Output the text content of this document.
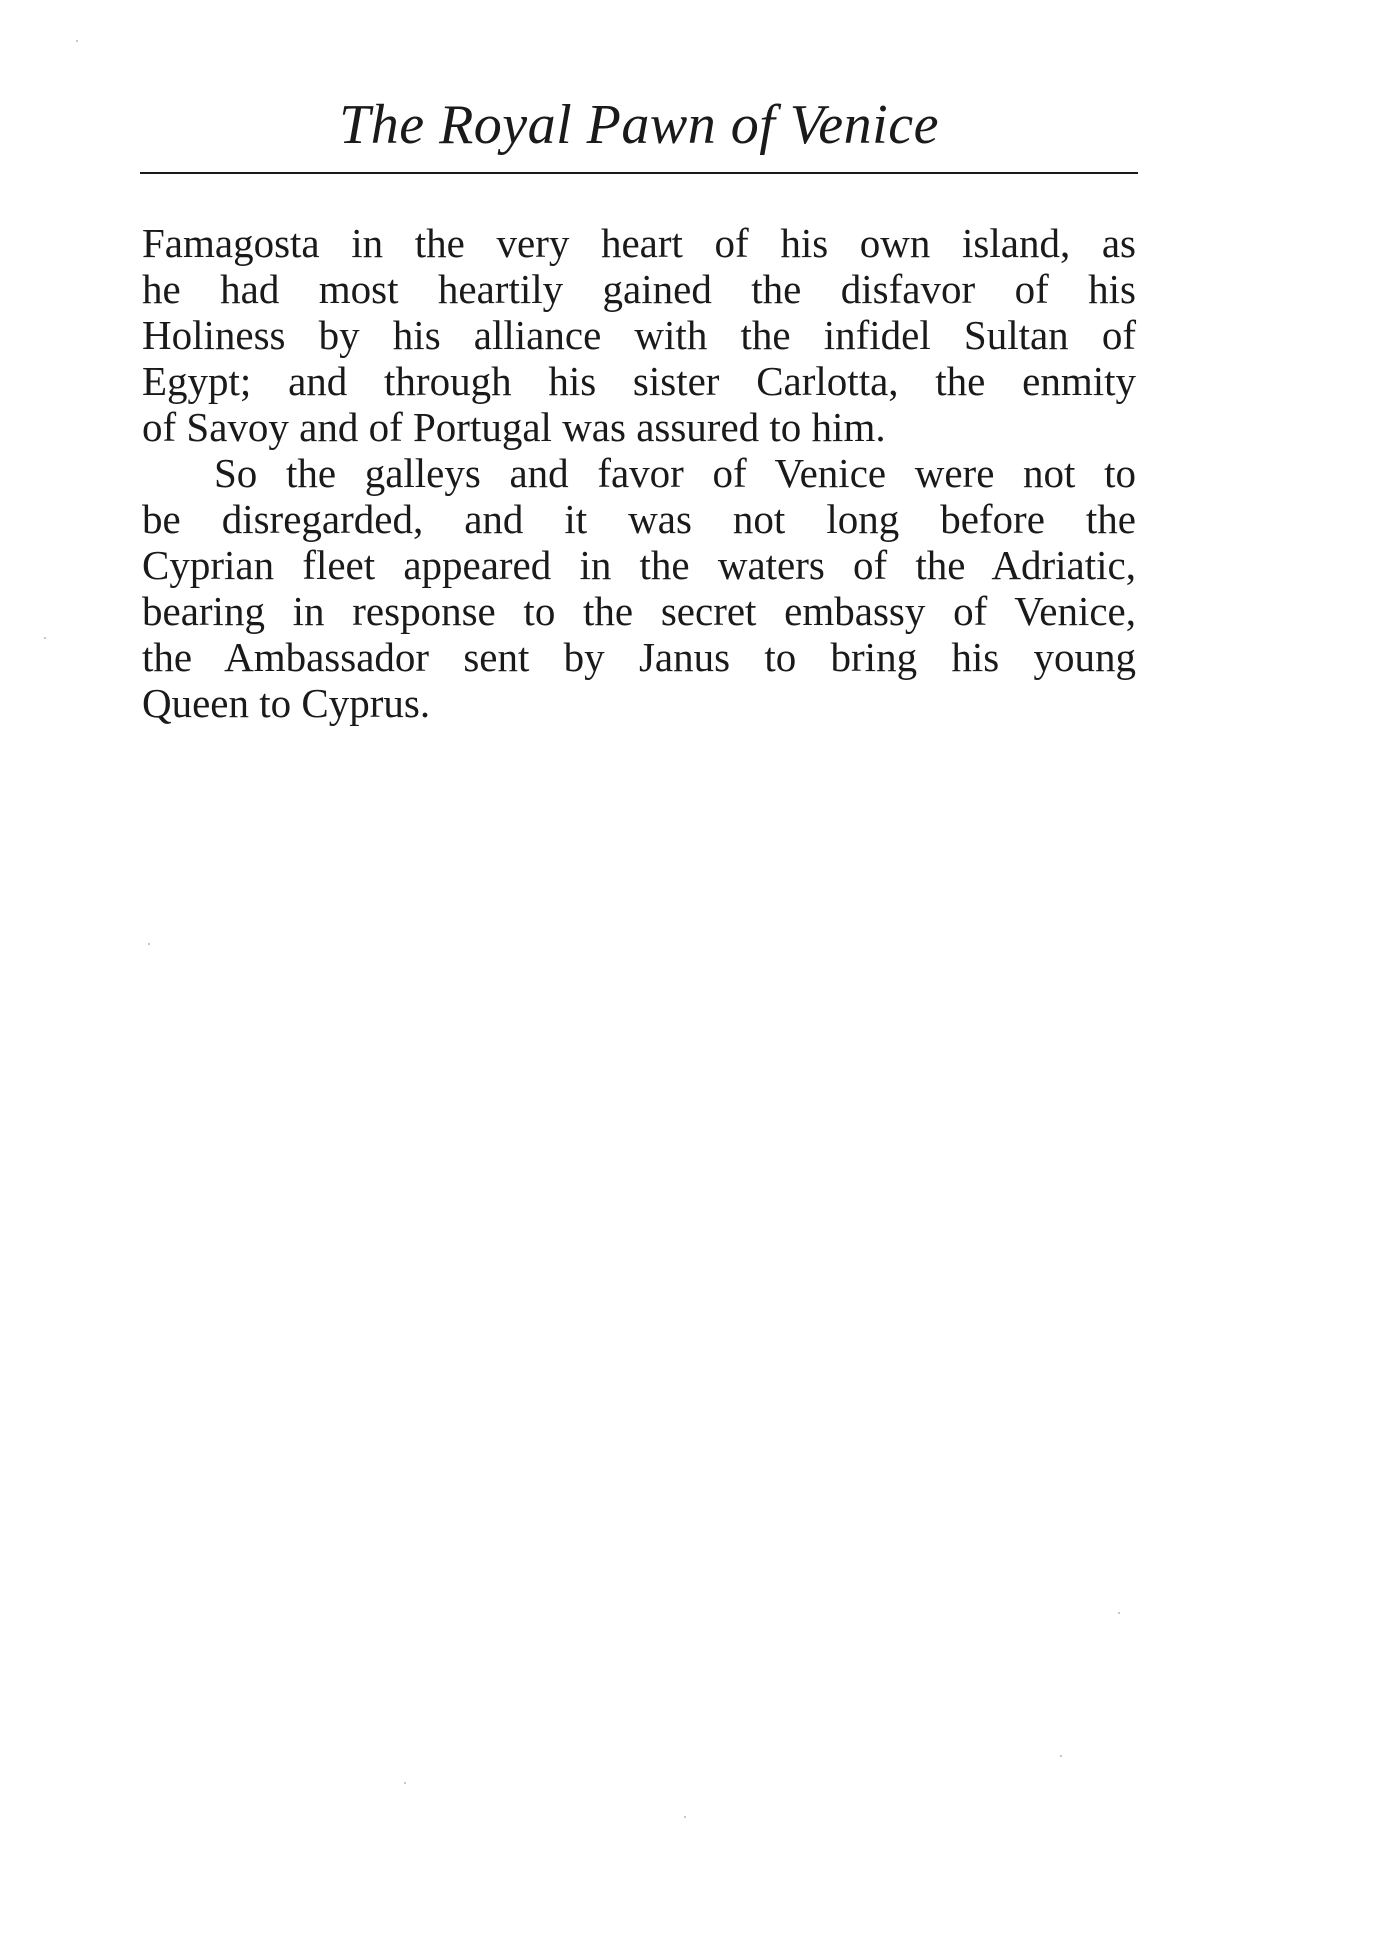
The Royal Pawn of Venice
Famagosta in the very heart of his own island, as
he had most heartily gained the disfavor of his
Holiness by his alliance with the infidel Sultan of
Egypt; and through his sister Carlotta, the enmity
of Savoy and of Portugal was assured to him.
So the galleys and favor of Venice were not to
be disregarded, and it was not long before the
Cyprian fleet appeared in the waters of the Adriatic,
bearing in response to the secret embassy of Venice,
the Ambassador sent by Janus to bring his young
Queen to Cyprus.
